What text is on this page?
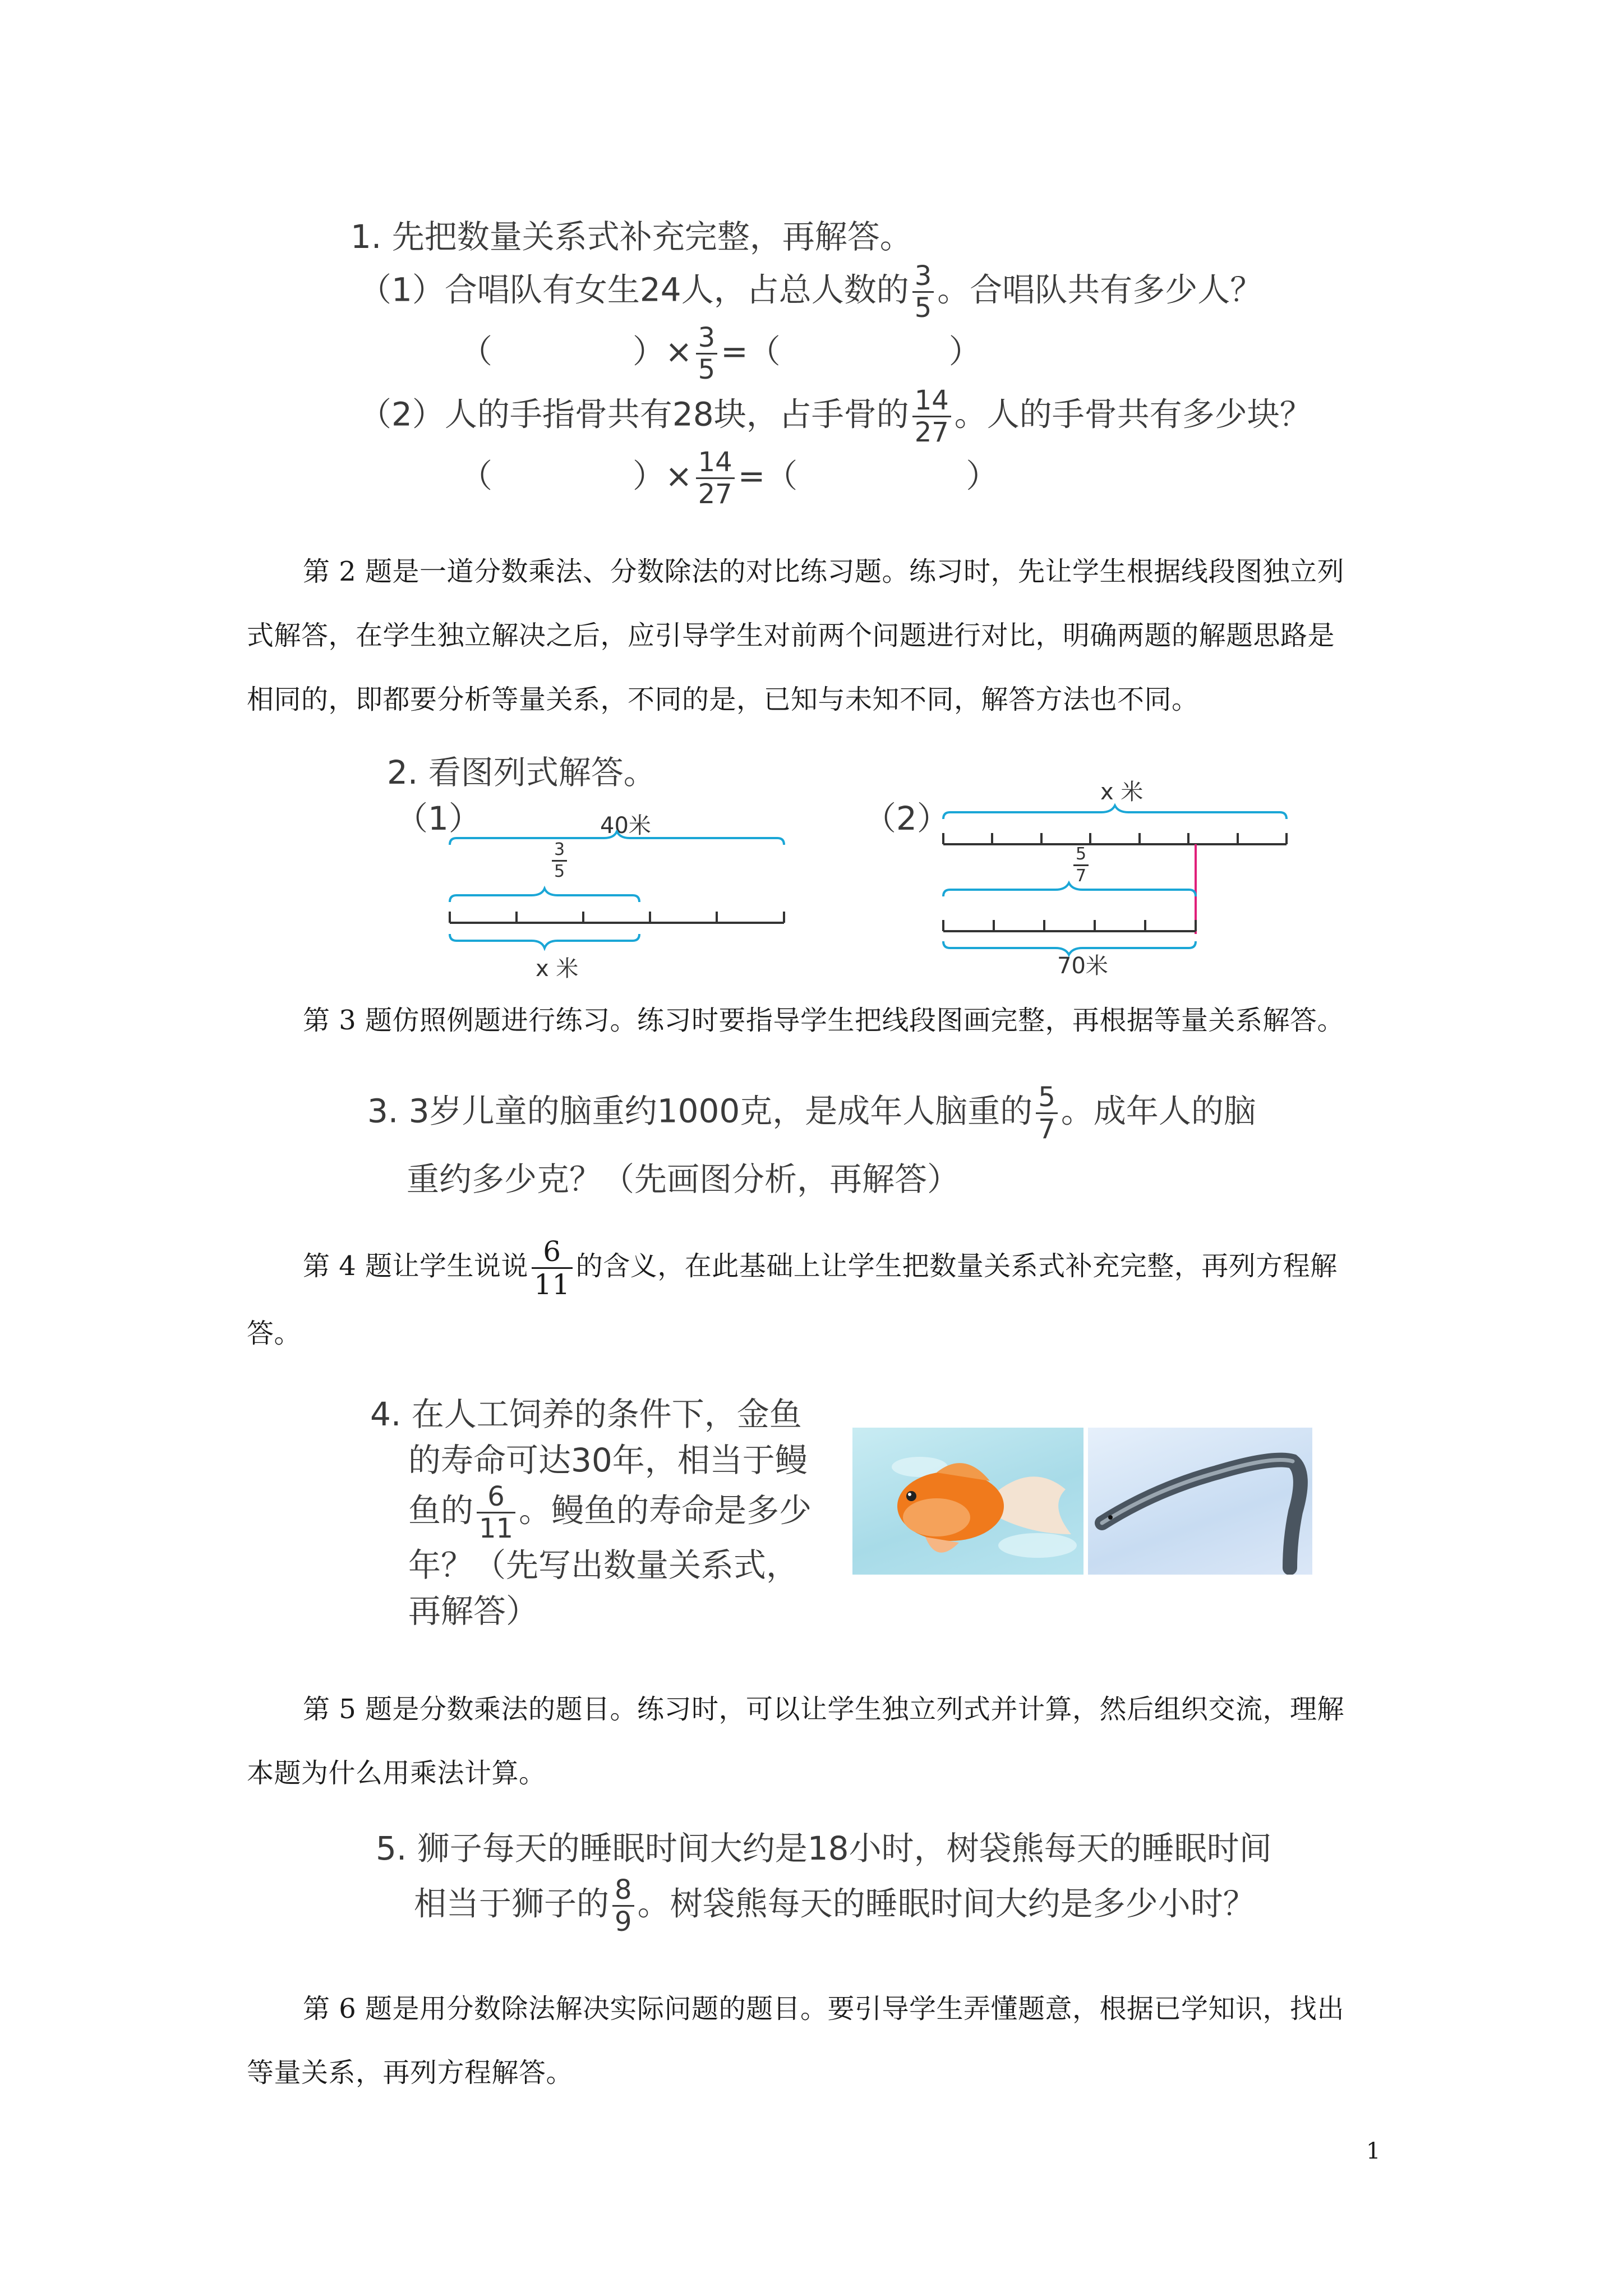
1. 先把数量关系式补充完整，再解答。
（1）合唱队有女生24人，占总人数的 $\frac{3}{5}$ 。合唱队共有多少人？
（	）× $\frac{3}{5}$ =（	）
（2）人的手指骨共有28块，占手骨的 $\frac{14}{27}$ 。人的手骨共有多少块？
（	）× $\frac{14}{27}$ =（	）
第 2 题是一道分数乘法、分数除法的对比练习题。练习时，先让学生根据线段图独立列
式解答，在学生独立解决之后，应引导学生对前两个问题进行对比，明确两题的解题思路是
相同的，即都要分析等量关系，不同的是，已知与未知不同，解答方法也不同。
2. 看图列式解答。
（1）	40米
$\frac{3}{5}$
x 米
（2）
x 米
$\frac{5}{7}$
70米
第 3 题仿照例题进行练习。练习时要指导学生把线段图画完整，再根据等量关系解答。
3. 3岁儿童的脑重约1000克，是成年人脑重的 $\frac{5}{7}$ 。成年人的脑
重约多少克？（先画图分析，再解答）
第 4 题让学生说说 $\frac{6}{11}$ 的含义，在此基础上让学生把数量关系式补充完整，再列方程解
答。
4. 在人工饲养的条件下，金鱼
的寿命可达30年，相当于鳗
鱼的 $\frac{6}{11}$ 。鳗鱼的寿命是多少
年？（先写出数量关系式，
再解答）
第 5 题是分数乘法的题目。练习时，可以让学生独立列式并计算，然后组织交流，理解
本题为什么用乘法计算。
5. 狮子每天的睡眠时间大约是18小时，树袋熊每天的睡眠时间
相当于狮子的 $\frac{8}{9}$ 。树袋熊每天的睡眠时间大约是多少小时？
第 6 题是用分数除法解决实际问题的题目。要引导学生弄懂题意，根据已学知识，找出
等量关系，再列方程解答。
1
